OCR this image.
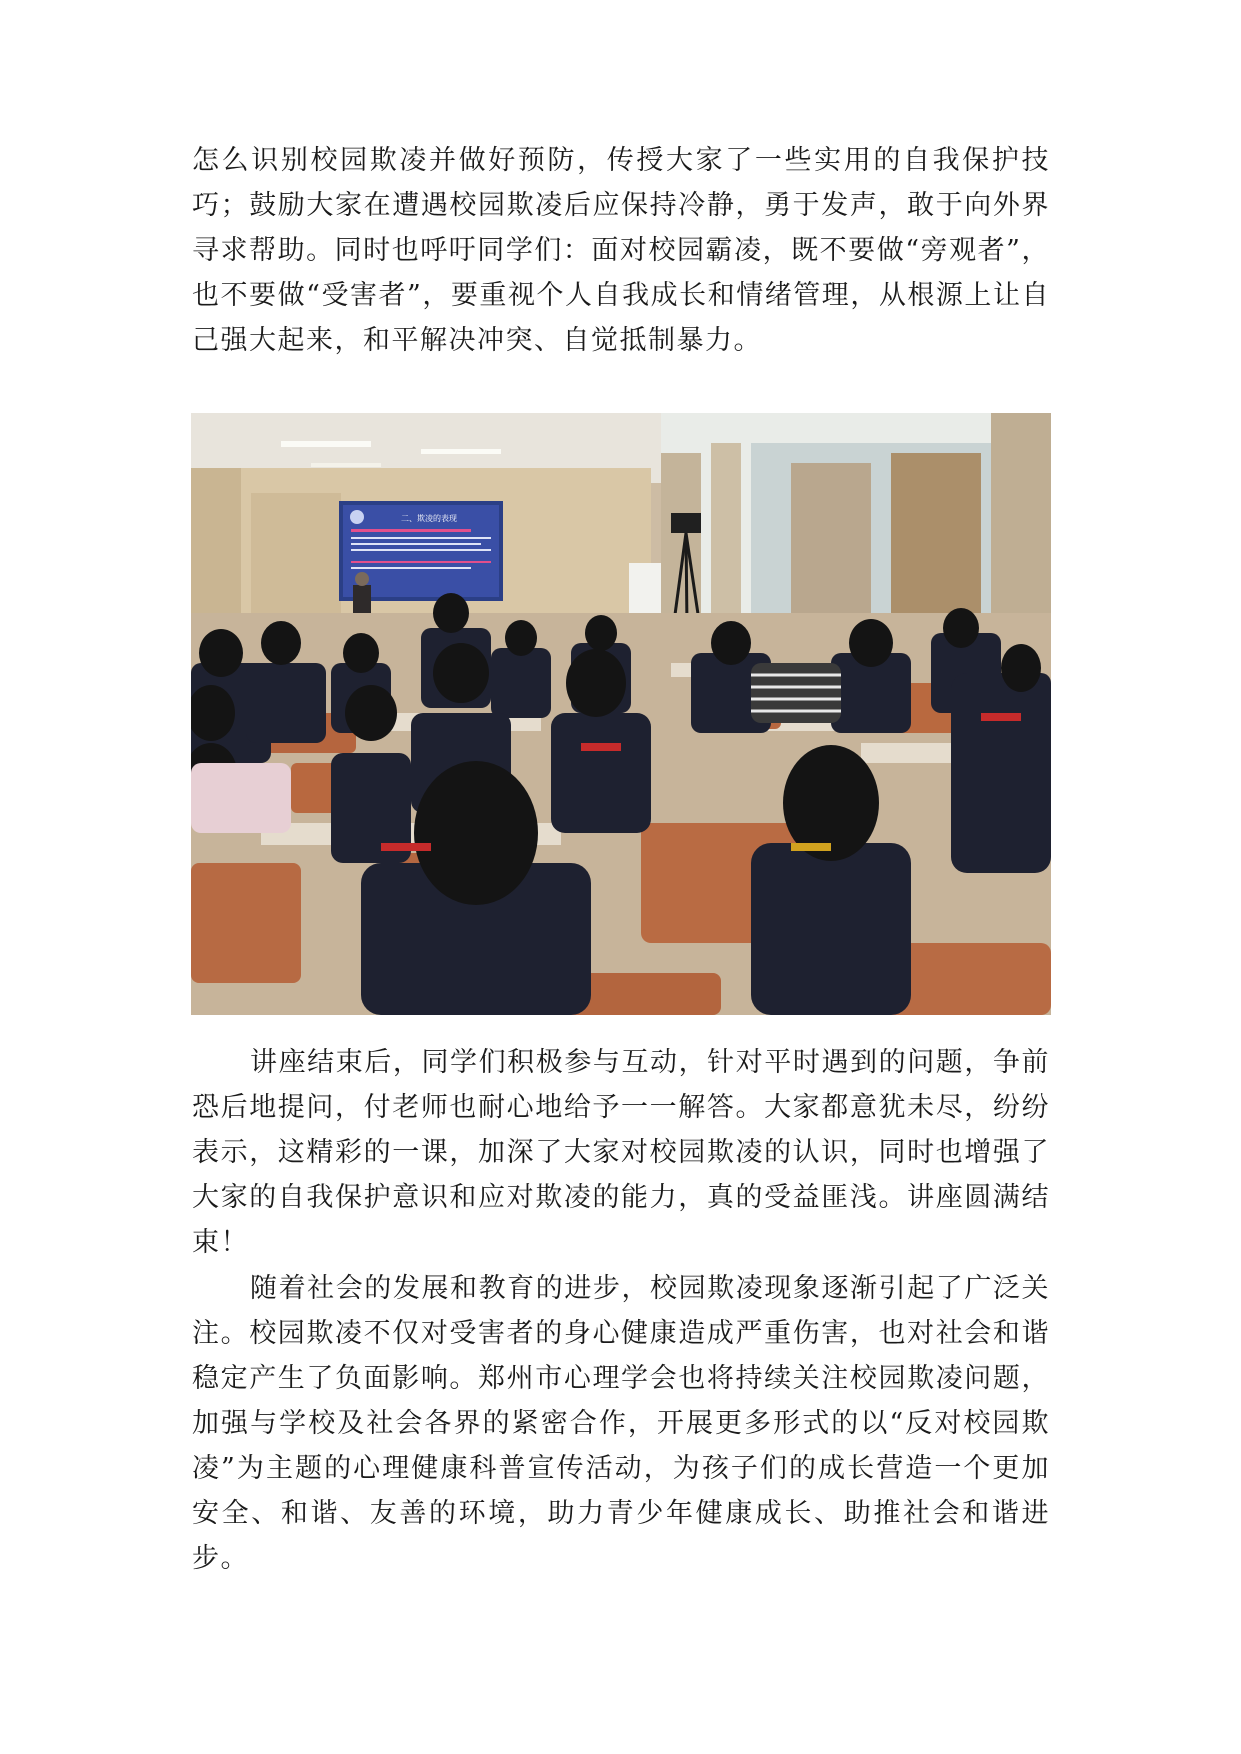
怎么识别校园欺凌并做好预防，传授大家了一些实用的自我保护技巧；鼓励大家在遭遇校园欺凌后应保持冷静，勇于发声，敢于向外界寻求帮助。同时也呼吁同学们：面对校园霸凌，既不要做“旁观者”，也不要做“受害者”，要重视个人自我成长和情绪管理，从根源上让自己强大起来，和平解决冲突、自觉抵制暴力。

二、欺凌的表现

讲座结束后，同学们积极参与互动，针对平时遇到的问题，争前恐后地提问，付老师也耐心地给予一一解答。大家都意犹未尽，纷纷表示，这精彩的一课，加深了大家对校园欺凌的认识，同时也增强了大家的自我保护意识和应对欺凌的能力，真的受益匪浅。讲座圆满结束！

随着社会的发展和教育的进步，校园欺凌现象逐渐引起了广泛关注。校园欺凌不仅对受害者的身心健康造成严重伤害，也对社会和谐稳定产生了负面影响。郑州市心理学会也将持续关注校园欺凌问题，加强与学校及社会各界的紧密合作，开展更多形式的以“反对校园欺凌”为主题的心理健康科普宣传活动，为孩子们的成长营造一个更加安全、和谐、友善的环境，助力青少年健康成长、助推社会和谐进步。
